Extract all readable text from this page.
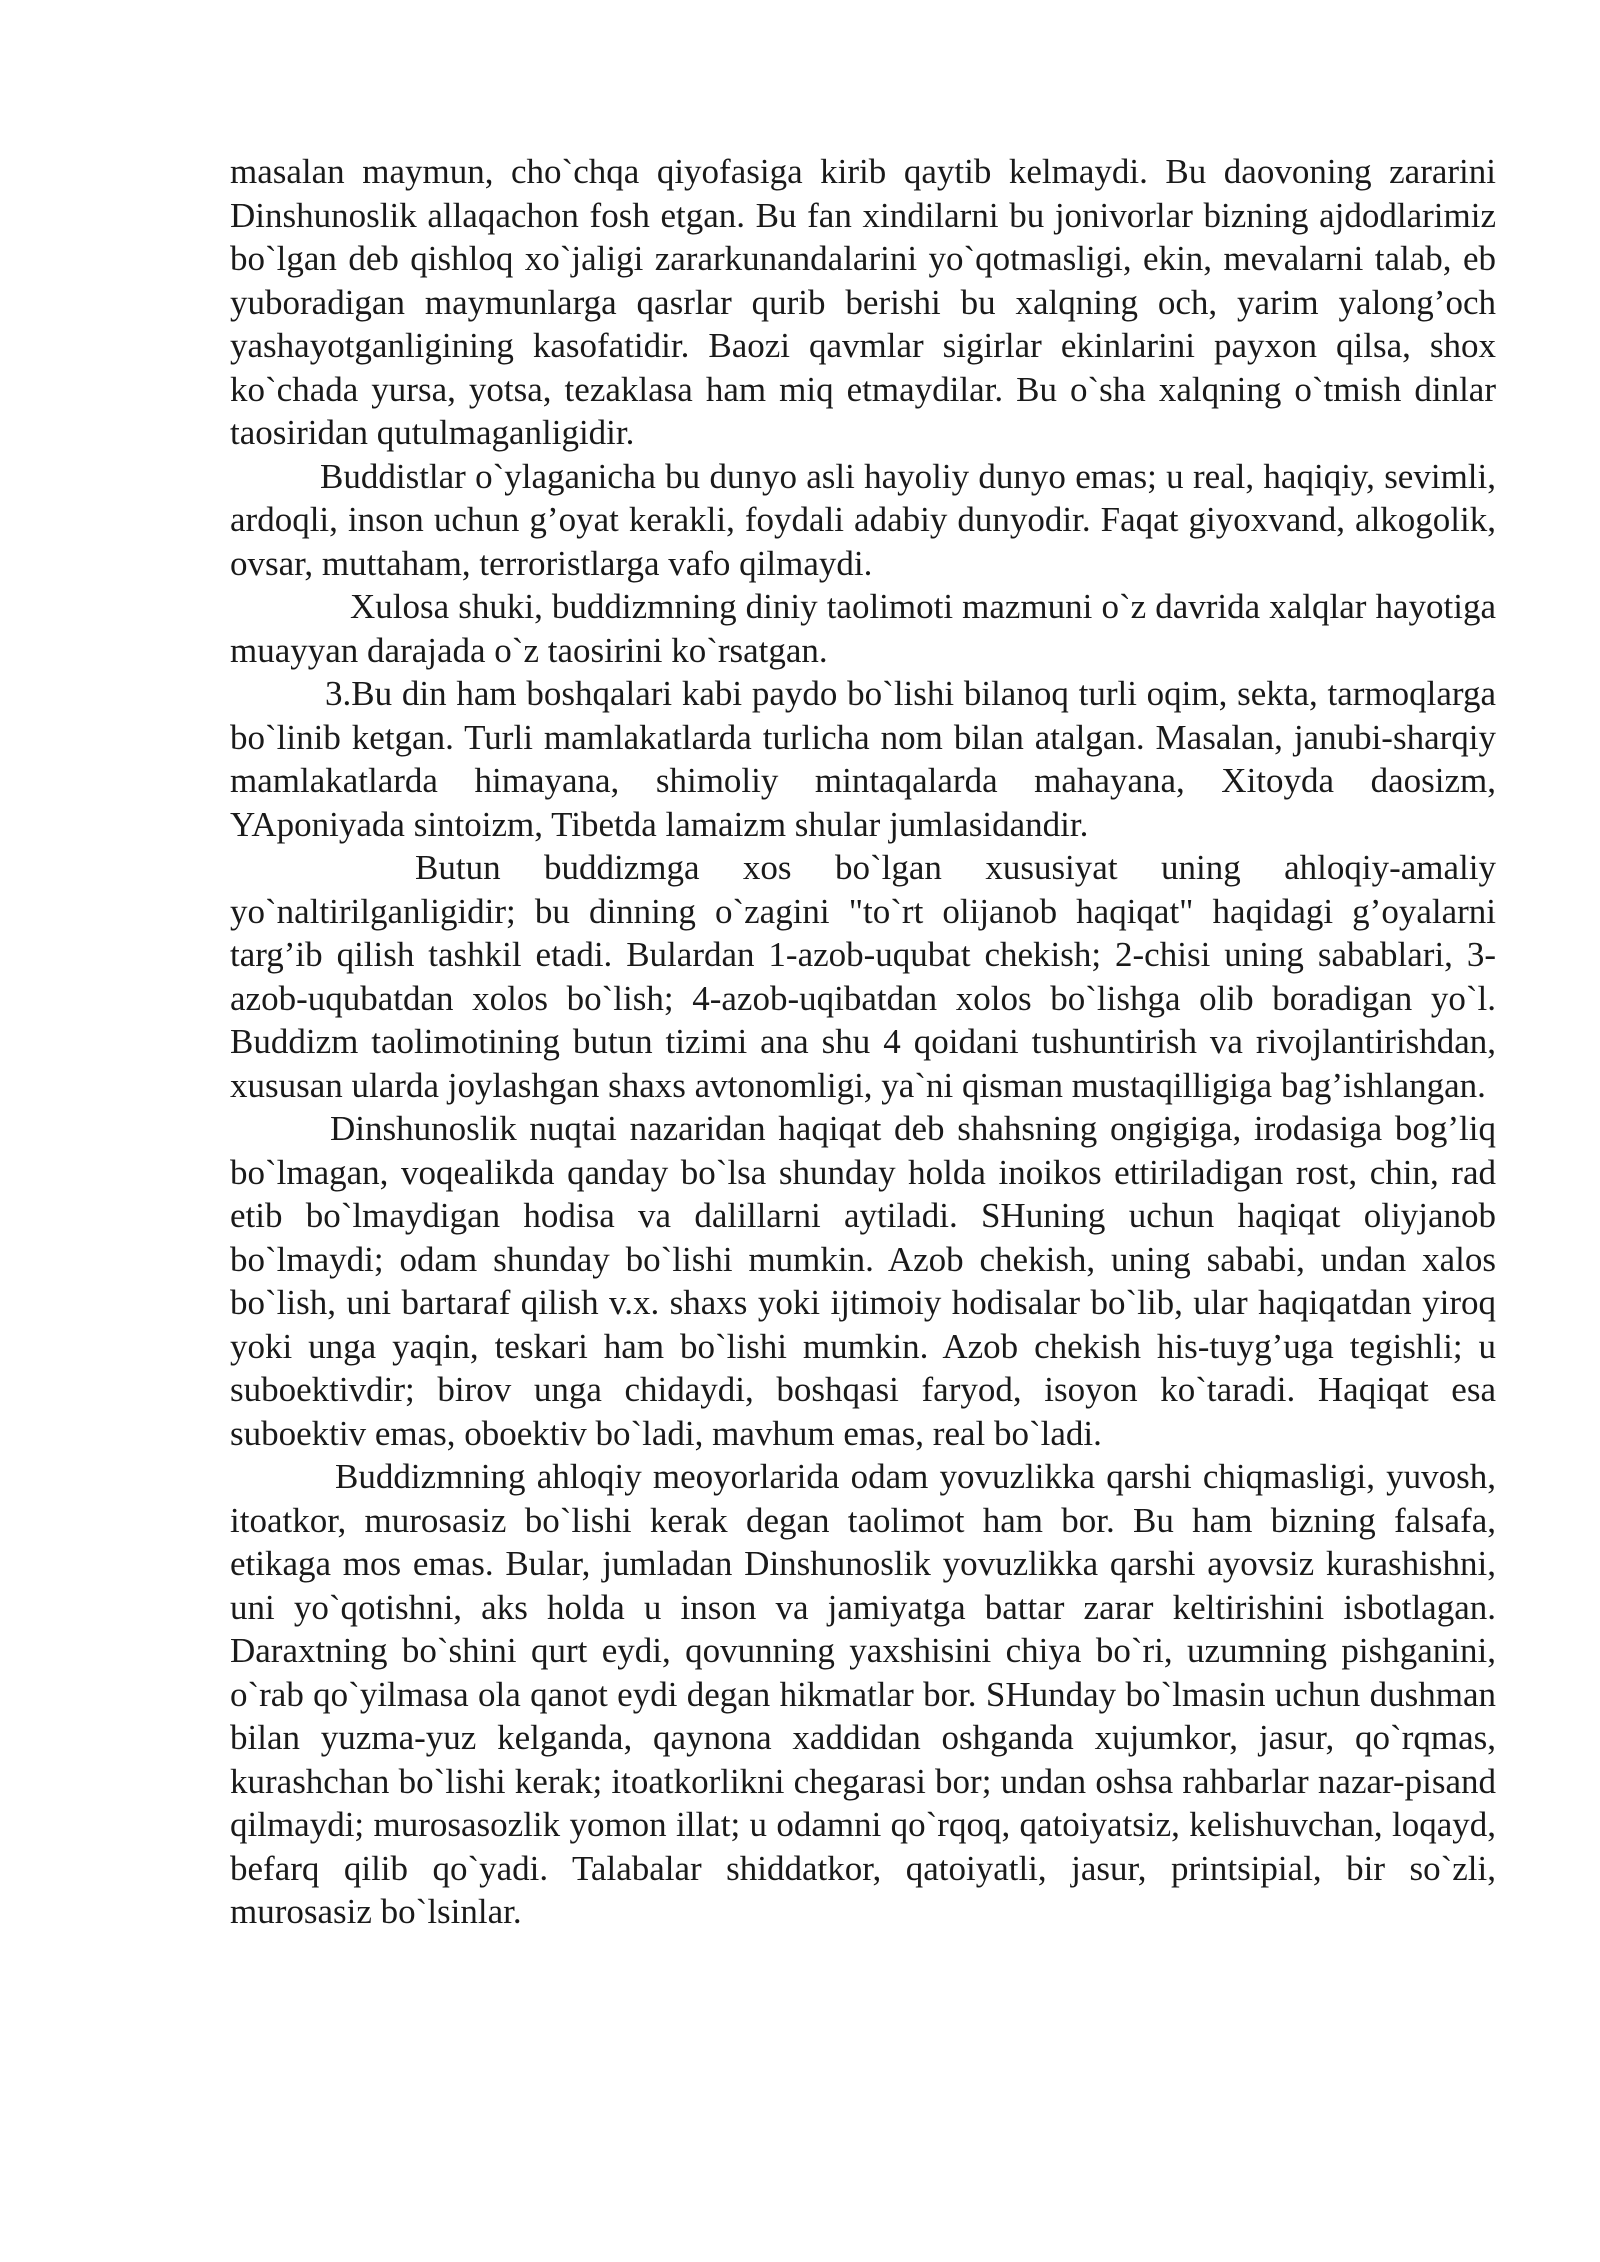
masalan maymun, cho`chqa qiyofasiga kirib qaytib kelmaydi. Bu daovoning zararini Dinshunoslik allaqachon fosh etgan. Bu fan xindilarni bu jonivorlar bizning ajdodlarimiz bo`lgan deb qishloq xo`jaligi zararkunandalarini yo`qotmasligi, ekin, mevalarni talab, eb yuboradigan maymunlarga qasrlar qurib berishi bu xalqning och, yarim yalong’och yashayotganligining kasofatidir. Baozi qavmlar sigirlar ekinlarini payxon qilsa, shox ko`chada yursa, yotsa, tezaklasa ham miq etmaydilar. Bu o`sha xalqning o`tmish dinlar taosiridan qutulmaganligidir.

Buddistlar o`ylaganicha bu dunyo asli hayoliy dunyo emas; u real, haqiqiy, sevimli, ardoqli, inson uchun g’oyat kerakli, foydali adabiy dunyodir. Faqat giyoxvand, alkogolik, ovsar, muttaham, terroristlarga vafo qilmaydi.

Xulosa shuki, buddizmning diniy taolimoti mazmuni o`z davrida xalqlar hayotiga muayyan darajada o`z taosirini ko`rsatgan.

3.Bu din ham boshqalari kabi paydo bo`lishi bilanoq turli oqim, sekta, tarmoqlarga bo`linib ketgan. Turli mamlakatlarda turlicha nom bilan atalgan. Masalan, janubi-sharqiy mamlakatlarda himayana, shimoliy mintaqalarda mahayana, Xitoyda daosizm, YAponiyada sintoizm, Tibetda lamaizm shular jumlasidandir.

Butun buddizmga xos bo`lgan xususiyat uning ahloqiy-amaliy yo`naltirilganligidir; bu dinning o`zagini "to`rt olijanob haqiqat" haqidagi g’oyalarni targ’ib qilish tashkil etadi. Bulardan 1-azob-uqubat chekish; 2-chisi uning sabablari, 3-azob-uqubatdan xolos bo`lish; 4-azob-uqibatdan xolos bo`lishga olib boradigan yo`l. Buddizm taolimotining butun tizimi ana shu 4 qoidani tushuntirish va rivojlantirishdan, xususan ularda joylashgan shaxs avtonomligi, ya`ni qisman mustaqilligiga bag’ishlangan.

Dinshunoslik nuqtai nazaridan haqiqat deb shahsning ongigiga, irodasiga bog’liq bo`lmagan, voqealikda qanday bo`lsa shunday holda inoikos ettiriladigan rost, chin, rad etib bo`lmaydigan hodisa va dalillarni aytiladi. SHuning uchun haqiqat oliyjanob bo`lmaydi; odam shunday bo`lishi mumkin. Azob chekish, uning sababi, undan xalos bo`lish, uni bartaraf qilish v.x. shaxs yoki ijtimoiy hodisalar bo`lib, ular haqiqatdan yiroq yoki unga yaqin, teskari ham bo`lishi mumkin. Azob chekish his-tuyg’uga tegishli; u suboektivdir; birov unga chidaydi, boshqasi faryod, isoyon ko`taradi. Haqiqat esa suboektiv emas, oboektiv bo`ladi, mavhum emas, real bo`ladi.

Buddizmning ahloqiy meoyorlarida odam yovuzlikka qarshi chiqmasligi, yuvosh, itoatkor, murosasiz bo`lishi kerak degan taolimot ham bor. Bu ham bizning falsafa, etikaga mos emas. Bular, jumladan Dinshunoslik yovuzlikka qarshi ayovsiz kurashishni, uni yo`qotishni, aks holda u inson va jamiyatga battar zarar keltirishini isbotlagan. Daraxtning bo`shini qurt eydi, qovunning yaxshisini chiya bo`ri, uzumning pishganini, o`rab qo`yilmasa ola qanot eydi degan hikmatlar bor. SHunday bo`lmasin uchun dushman bilan yuzma-yuz kelganda, qaynona xaddidan oshganda xujumkor, jasur, qo`rqmas, kurashchan bo`lishi kerak; itoatkorlikni chegarasi bor; undan oshsa rahbarlar nazar-pisand qilmaydi; murosasozlik yomon illat; u odamni qo`rqoq, qatoiyatsiz, kelishuvchan, loqayd, befarq qilib qo`yadi. Talabalar shiddatkor, qatoiyatli, jasur, printsipial, bir so`zli, murosasiz bo`lsinlar.
